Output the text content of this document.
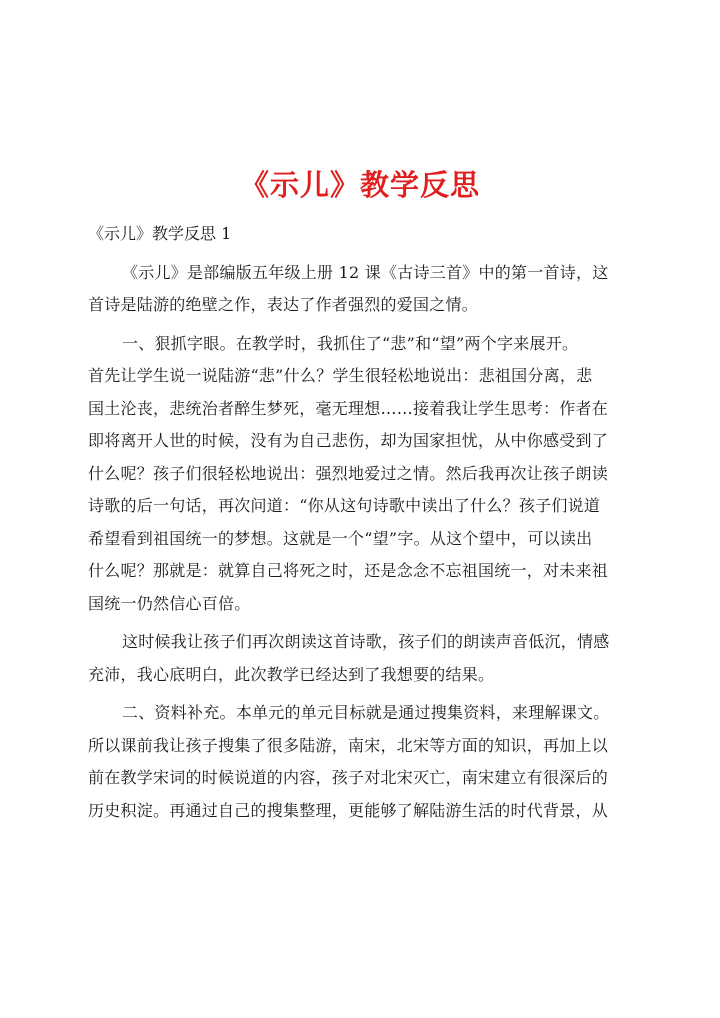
《示儿》教学反思
《示儿》教学反思 1
《示儿》是部编版五年级上册 12 课《古诗三首》中的第一首诗，这
首诗是陆游的绝壁之作，表达了作者强烈的爱国之情。
一、狠抓字眼。在教学时，我抓住了“悲”和“望”两个字来展开。
首先让学生说一说陆游“悲”什么？学生很轻松地说出：悲祖国分离，悲
国土沦丧，悲统治者醉生梦死，毫无理想……接着我让学生思考：作者在
即将离开人世的时候，没有为自己悲伤，却为国家担忧，从中你感受到了
什么呢？孩子们很轻松地说出：强烈地爱过之情。然后我再次让孩子朗读
诗歌的后一句话，再次问道：“你从这句诗歌中读出了什么？孩子们说道
希望看到祖国统一的梦想。这就是一个“望”字。从这个望中，可以读出
什么呢？那就是：就算自己将死之时，还是念念不忘祖国统一，对未来祖
国统一仍然信心百倍。
这时候我让孩子们再次朗读这首诗歌，孩子们的朗读声音低沉，情感
充沛，我心底明白，此次教学已经达到了我想要的结果。
二、资料补充。本单元的单元目标就是通过搜集资料，来理解课文。
所以课前我让孩子搜集了很多陆游，南宋，北宋等方面的知识，再加上以
前在教学宋词的时候说道的内容，孩子对北宋灭亡，南宋建立有很深后的
历史积淀。再通过自己的搜集整理，更能够了解陆游生活的时代背景，从
